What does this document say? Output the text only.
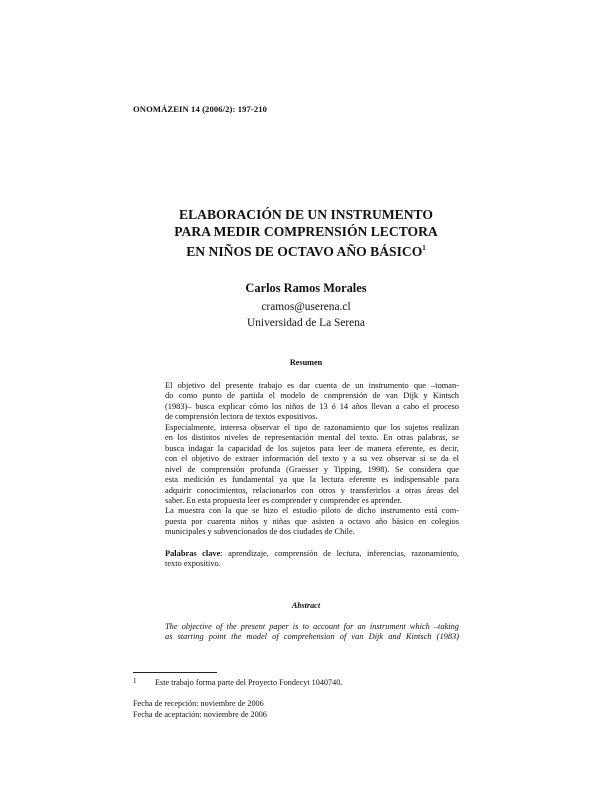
ONOMÁZEIN 14 (2006/2): 197-210
ELABORACIÓN DE UN INSTRUMENTO
PARA MEDIR COMPRENSIÓN LECTORA
EN NIÑOS DE OCTAVO AÑO BÁSICO$^1$
Carlos Ramos Morales
cramos@userena.cl
Universidad de La Serena
Resumen
El objetivo del presente trabajo es dar cuenta de un instrumento que –toman-
do como punto de partida el modelo de comprensión de van Dijk y Kintsch
(1983)– busca explicar cómo los niños de 13 ó 14 años llevan a cabo el proceso
de comprensión lectora de textos expositivos.
Especialmente, interesa observar el tipo de razonamiento que los sujetos realizan
en los distintos niveles de representación mental del texto. En otras palabras, se
busca indagar la capacidad de los sujetos para leer de manera eferente, es decir,
con el objetivo de extraer información del texto y a su vez observar si se da el
nivel de comprensión profunda (Graesser y Tipping, 1998). Se considera que
esta medición es fundamental ya que la lectura eferente es indispensable para
adquirir conocimientos, relacionarlos con otros y transferirlos a otras áreas del
saber. En esta propuesta leer es comprender y comprender es aprender.
La muestra con la que se hizo el estudio piloto de dicho instrumento está com-
puesta por cuarenta niños y niñas que asisten a octavo año básico en colegios
municipales y subvencionados de dos ciudades de Chile.
Palabras clave: aprendizaje, comprensión de lectura, inferencias, razonamiento,
texto expositivo.
Abstract
The objective of the present paper is to account for an instrument which –taking
as starting point the model of comprehension of van Dijk and Kintsch (1983)
1 Este trabajo forma parte del Proyecto Fondecyt 1040740.
Fecha de recepción: noviembre de 2006
Fecha de aceptación: noviembre de 2006
